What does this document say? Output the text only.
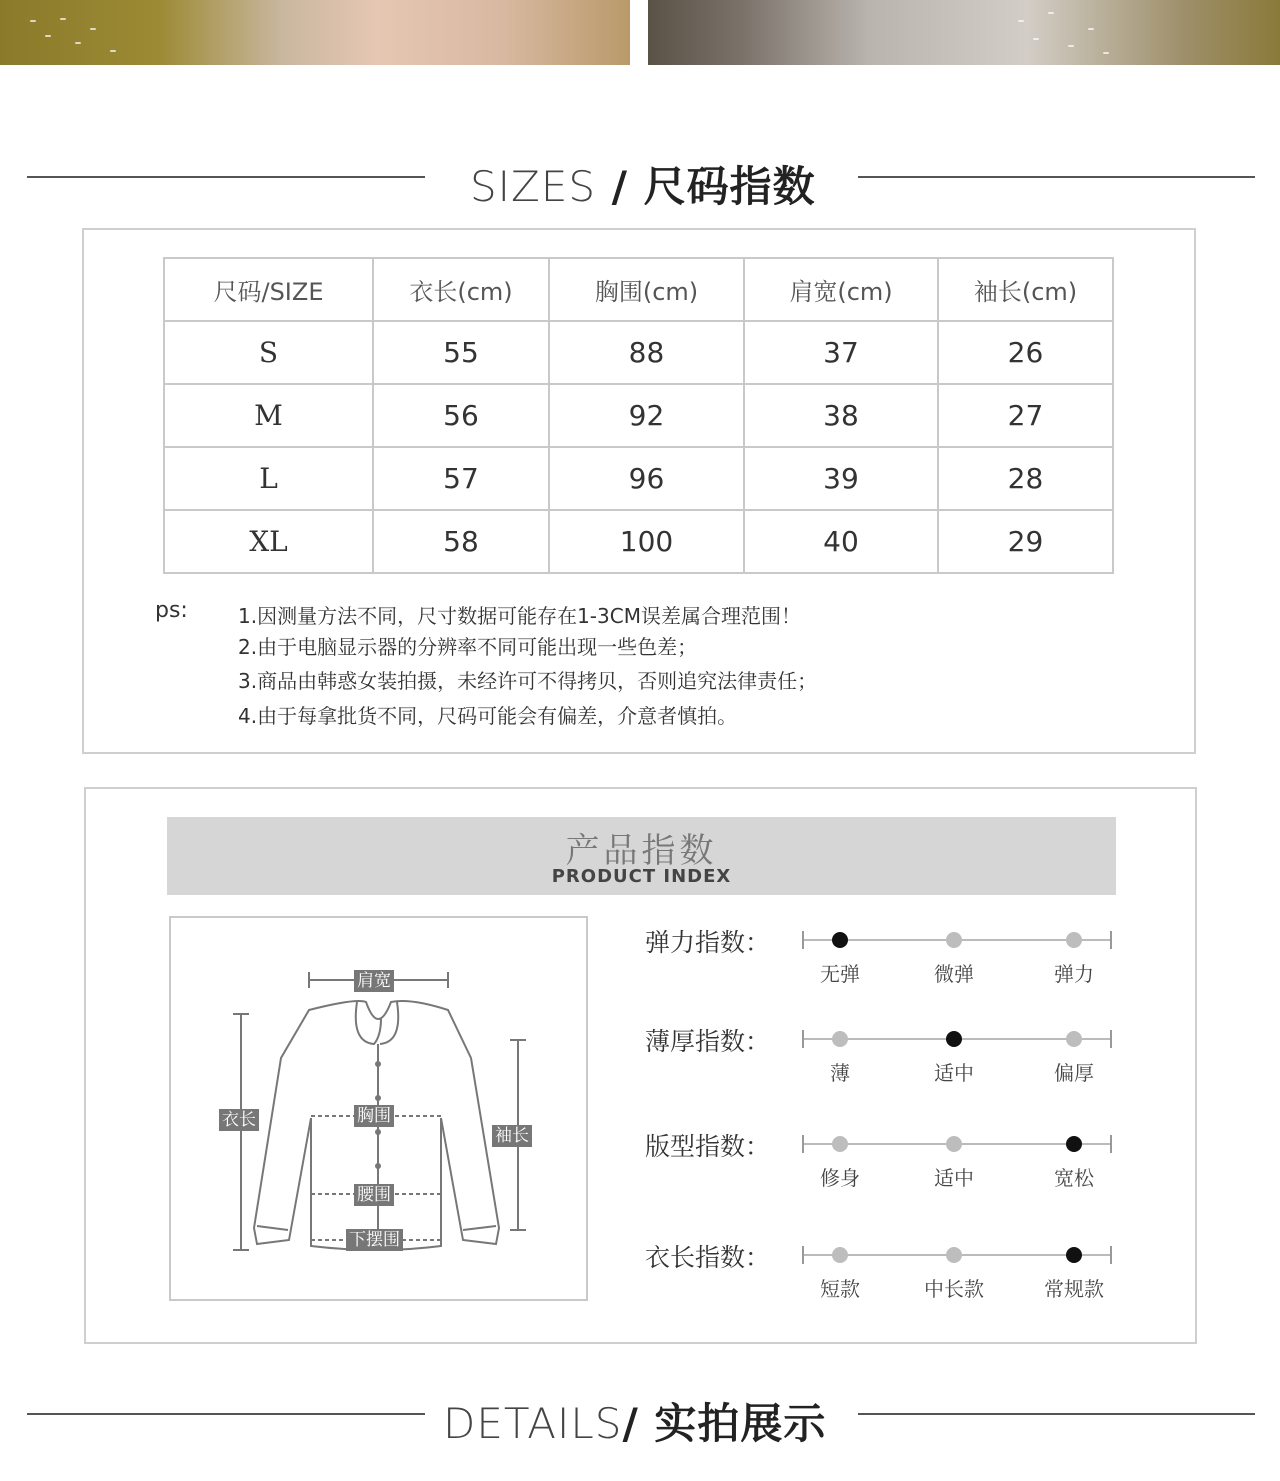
SIZES / 尺码指数
尺码/SIZE	衣长(cm)	胸围(cm)	肩宽(cm)	袖长(cm)
S	55	88	37	26
M	56	92	38	27
L	57	96	39	28
XL	58	100	40	29
ps:	1.因测量方法不同，尺寸数据可能存在1-3CM误差属合理范围！
2.由于电脑显示器的分辨率不同可能出现一些色差；
3.商品由韩惑女装拍摄，未经许可不得拷贝，否则追究法律责任；
4.由于每拿批货不同，尺码可能会有偏差，介意者慎拍。
产品指数
PRODUCT INDEX
肩宽
衣长	胸围
袖长
腰围
下摆围
弹力指数：
无弹	微弹	弹力
薄厚指数：
薄	适中	偏厚
版型指数：
修身	适中	宽松
衣长指数：
短款	中长款	常规款
DETAILS/ 实拍展示
